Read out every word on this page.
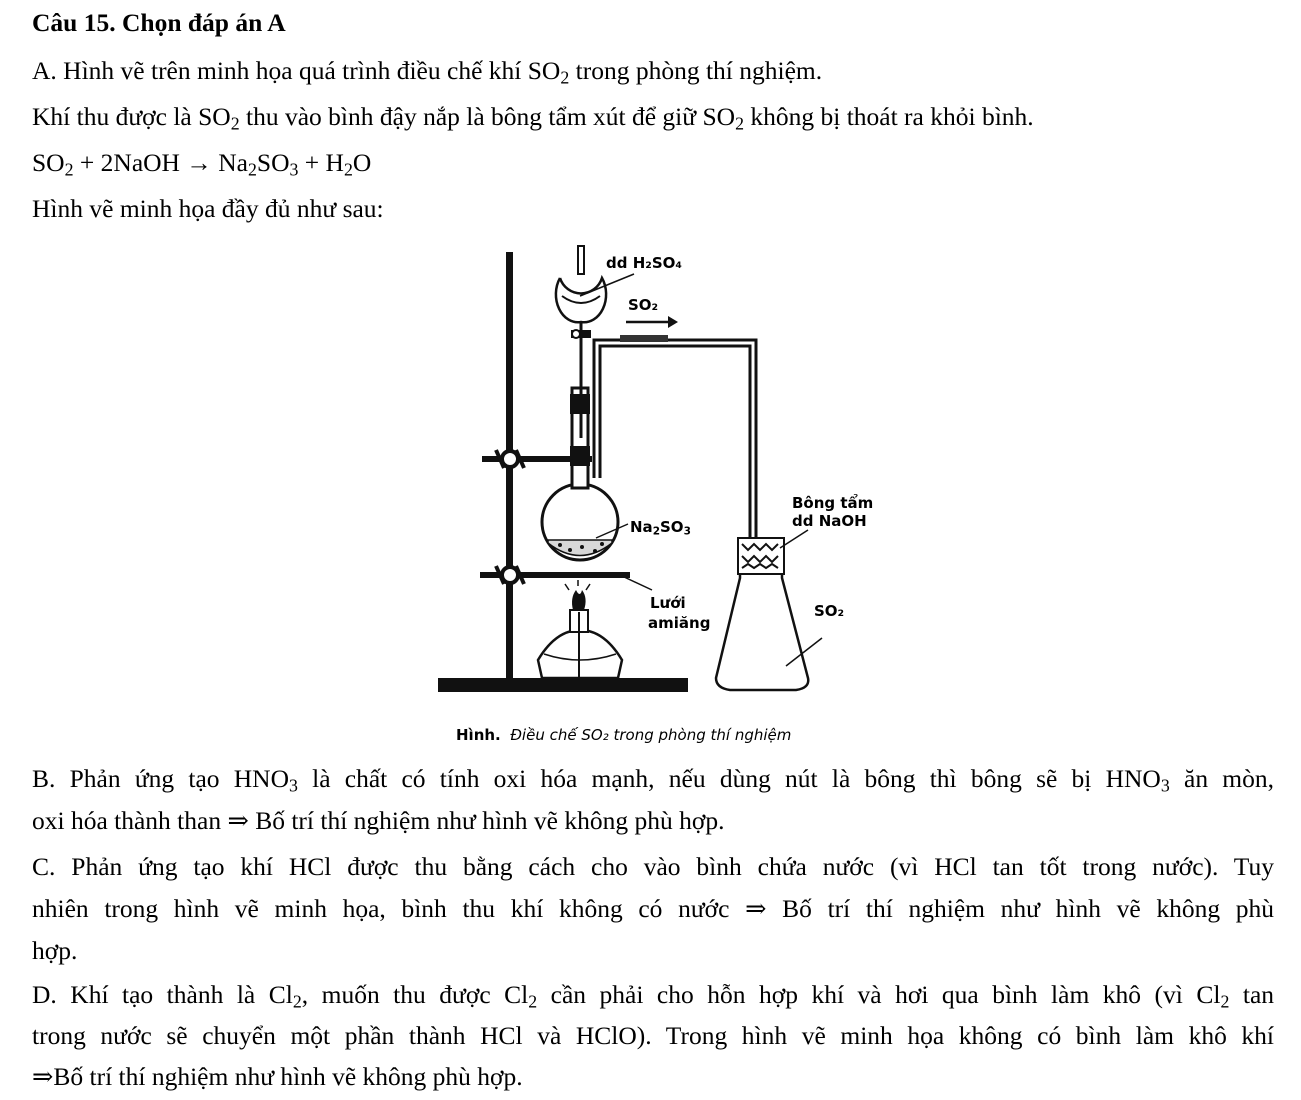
Câu 15. Chọn đáp án A
A. Hình vẽ trên minh họa quá trình điều chế khí $SO_2$ trong phòng thí nghiệm.
Khí thu được là $SO_2$ thu vào bình đậy nắp là bông tẩm xút để giữ $SO_2$ không bị thoát ra khỏi bình.
$SO_2$ + 2NaOH → $Na_2SO_3 + H_2O$
Hình vẽ minh họa đầy đủ như sau:
dd H₂SO₄
SO₂
$Na_2SO_3$
Bông tẩm
dd NaOH
Lưới
amiăng
SO₂
Hình. Điều chế SO₂ trong phòng thí nghiệm
B. Phản ứng tạo $HNO_3$ là chất có tính oxi hóa mạnh, nếu dùng nút là bông thì bông sẽ bị $HNO_3$ ăn mòn,
oxi hóa thành than ⇒ Bố trí thí nghiệm như hình vẽ không phù hợp.
C. Phản ứng tạo khí HCl được thu bằng cách cho vào bình chứa nước (vì HCl tan tốt trong nước). Tuy
nhiên trong hình vẽ minh họa, bình thu khí không có nước ⇒ Bố trí thí nghiệm như hình vẽ không phù
hợp.
D. Khí tạo thành là $Cl_2$, muốn thu được $Cl_2$ cần phải cho hỗn hợp khí và hơi qua bình làm khô (vì $Cl_2$ tan
trong nước sẽ chuyển một phần thành HCl và HClO). Trong hình vẽ minh họa không có bình làm khô khí
⇒Bố trí thí nghiệm như hình vẽ không phù hợp.
